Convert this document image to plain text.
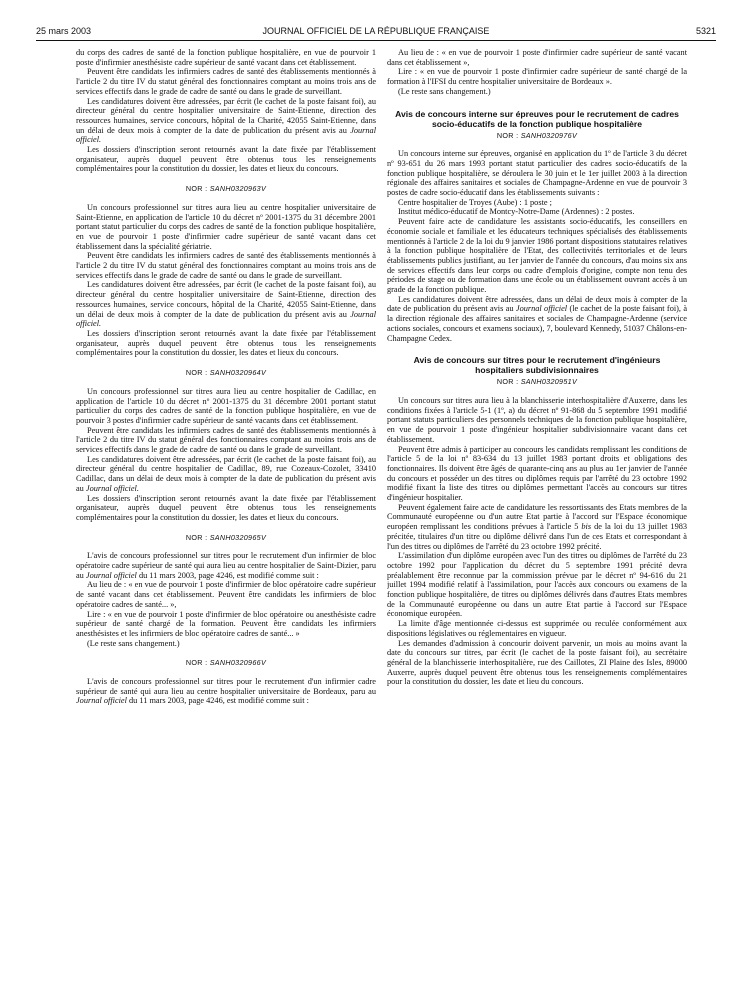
25 mars 2003	JOURNAL OFFICIEL DE LA RÉPUBLIQUE FRANÇAISE	5321

du corps des cadres de santé de la fonction publique hospitalière, en vue de pourvoir 1 poste d'infirmier anesthésiste cadre supérieur de santé vacant dans cet établissement.

Peuvent être candidats les infirmiers cadres de santé des établissements mentionnés à l'article 2 du titre IV du statut général des fonctionnaires comptant au moins trois ans de services effectifs dans le grade de cadre de santé ou dans le grade de surveillant.

Les candidatures doivent être adressées, par écrit (le cachet de la poste faisant foi), au directeur général du centre hospitalier universitaire de Saint-Etienne, direction des ressources humaines, service concours, hôpital de la Charité, 42055 Saint-Etienne, dans un délai de deux mois à compter de la date de publication du présent avis au Journal officiel.

Les dossiers d'inscription seront retournés avant la date fixée par l'établissement organisateur, auprès duquel peuvent être obtenus tous les renseignements complémentaires pour la constitution du dossier, les dates et lieux du concours.

NOR : SANH0320963V

Un concours professionnel sur titres aura lieu au centre hospitalier universitaire de Saint-Etienne, en application de l'article 10 du décret nº 2001-1375 du 31 décembre 2001 portant statut particulier du corps des cadres de santé de la fonction publique hospitalière, en vue de pourvoir 1 poste d'infirmier cadre supérieur de santé vacant dans cet établissement dans la spécialité gériatrie.

Peuvent être candidats les infirmiers cadres de santé des établissements mentionnés à l'article 2 du titre IV du statut général des fonctionnaires comptant au moins trois ans de services effectifs dans le grade de cadre de santé ou dans le grade de surveillant.

Les candidatures doivent être adressées, par écrit (le cachet de la poste faisant foi), au directeur général du centre hospitalier universitaire de Saint-Etienne, direction des ressources humaines, service concours, hôpital de la Charité, 42055 Saint-Etienne, dans un délai de deux mois à compter de la date de publication du présent avis au Journal officiel.

Les dossiers d'inscription seront retournés avant la date fixée par l'établissement organisateur, auprès duquel peuvent être obtenus tous les renseignements complémentaires pour la constitution du dossier, les dates et lieux du concours.

NOR : SANH0320964V

Un concours professionnel sur titres aura lieu au centre hospitalier de Cadillac, en application de l'article 10 du décret nº 2001-1375 du 31 décembre 2001 portant statut particulier du corps des cadres de santé de la fonction publique hospitalière, en vue de pourvoir 3 postes d'infirmier cadre supérieur de santé vacants dans cet établissement.

Peuvent être candidats les infirmiers cadres de santé des établissements mentionnés à l'article 2 du titre IV du statut général des fonctionnaires comptant au moins trois ans de services effectifs dans le grade de cadre de santé ou dans le grade de surveillant.

Les candidatures doivent être adressées, par écrit (le cachet de la poste faisant foi), au directeur général du centre hospitalier de Cadillac, 89, rue Cozeaux-Cozolet, 33410 Cadillac, dans un délai de deux mois à compter de la date de publication du présent avis au Journal officiel.

Les dossiers d'inscription seront retournés avant la date fixée par l'établissement organisateur, auprès duquel peuvent être obtenus tous les renseignements complémentaires pour la constitution du dossier, les dates et lieux du concours.

NOR : SANH0320965V

L'avis de concours professionnel sur titres pour le recrutement d'un infirmier de bloc opératoire cadre supérieur de santé qui aura lieu au centre hospitalier de Saint-Dizier, paru au Journal officiel du 11 mars 2003, page 4246, est modifié comme suit :

Au lieu de : « en vue de pourvoir 1 poste d'infirmier de bloc opératoire cadre supérieur de santé vacant dans cet établissement. Peuvent être candidats les infirmiers de bloc opératoire cadres de santé... »,

Lire : « en vue de pourvoir 1 poste d'infirmier de bloc opératoire ou anesthésiste cadre supérieur de santé chargé de la formation. Peuvent être candidats les infirmiers anesthésistes et les infirmiers de bloc opératoire cadres de santé... »

(Le reste sans changement.)

NOR : SANH0320966V

L'avis de concours professionnel sur titres pour le recrutement d'un infirmier cadre supérieur de santé qui aura lieu au centre hospitalier universitaire de Bordeaux, paru au Journal officiel du 11 mars 2003, page 4246, est modifié comme suit :

Au lieu de : « en vue de pourvoir 1 poste d'infirmier cadre supérieur de santé vacant dans cet établissement »,

Lire : « en vue de pourvoir 1 poste d'infirmier cadre supérieur de santé chargé de la formation à l'IFSI du centre hospitalier universitaire de Bordeaux ».

(Le reste sans changement.)

Avis de concours interne sur épreuves pour le recrutement de cadres socio-éducatifs de la fonction publique hospitalière
NOR : SANH0320976V

Un concours interne sur épreuves, organisé en application du 1º de l'article 3 du décret nº 93-651 du 26 mars 1993 portant statut particulier des cadres socio-éducatifs de la fonction publique hospitalière, se déroulera le 30 juin et le 1er juillet 2003 à la direction régionale des affaires sanitaires et sociales de Champagne-Ardenne en vue de pourvoir 3 postes de cadre socio-éducatif dans les établissements suivants :

Centre hospitalier de Troyes (Aube) : 1 poste ;

Institut médico-éducatif de Montcy-Notre-Dame (Ardennes) : 2 postes.

Peuvent faire acte de candidature les assistants socio-éducatifs, les conseillers en économie sociale et familiale et les éducateurs techniques spécialisés des établissements mentionnés à l'article 2 de la loi du 9 janvier 1986 portant dispositions statutaires relatives à la fonction publique hospitalière de l'Etat, des collectivités territoriales et de leurs établissements publics justifiant, au 1er janvier de l'année du concours, d'au moins six ans de services effectifs dans leur corps ou cadre d'emplois d'origine, compte non tenu des périodes de stage ou de formation dans une école ou un établissement ouvrant accès à un grade de la fonction publique.

Les candidatures doivent être adressées, dans un délai de deux mois à compter de la date de publication du présent avis au Journal officiel (le cachet de la poste faisant foi), à la direction régionale des affaires sanitaires et sociales de Champagne-Ardenne (service actions sociales, concours et examens sociaux), 7, boulevard Kennedy, 51037 Châlons-en-Champagne Cedex.

Avis de concours sur titres pour le recrutement d'ingénieurs hospitaliers subdivisionnaires
NOR : SANH0320951V

Un concours sur titres aura lieu à la blanchisserie interhospitalière d'Auxerre, dans les conditions fixées à l'article 5-1 (1º, a) du décret nº 91-868 du 5 septembre 1991 modifié portant statuts particuliers des personnels techniques de la fonction publique hospitalière, en vue de pourvoir 1 poste d'ingénieur hospitalier subdivisionnaire vacant dans cet établissement.

Peuvent être admis à participer au concours les candidats remplissant les conditions de l'article 5 de la loi nº 83-634 du 13 juillet 1983 portant droits et obligations des fonctionnaires. Ils doivent être âgés de quarante-cinq ans au plus au 1er janvier de l'année du concours et posséder un des titres ou diplômes requis par l'arrêté du 23 octobre 1992 modifié fixant la liste des titres ou diplômes permettant l'accès au concours sur titres d'ingénieur hospitalier.

Peuvent également faire acte de candidature les ressortissants des Etats membres de la Communauté européenne ou d'un autre Etat partie à l'accord sur l'Espace économique européen remplissant les conditions prévues à l'article 5 bis de la loi du 13 juillet 1983 précitée, titulaires d'un titre ou diplôme délivré dans l'un de ces Etats et correspondant à l'un des titres ou diplômes de l'arrêté du 23 octobre 1992 précité.

L'assimilation d'un diplôme européen avec l'un des titres ou diplômes de l'arrêté du 23 octobre 1992 pour l'application du décret du 5 septembre 1991 précité devra préalablement être reconnue par la commission prévue par le décret nº 94-616 du 21 juillet 1994 modifié relatif à l'assimilation, pour l'accès aux concours ou examens de la fonction publique hospitalière, de titres ou diplômes délivrés dans d'autres Etats membres de la Communauté européenne ou dans un autre Etat partie à l'accord sur l'Espace économique européen.

La limite d'âge mentionnée ci-dessus est supprimée ou reculée conformément aux dispositions législatives ou réglementaires en vigueur.

Les demandes d'admission à concourir doivent parvenir, un mois au moins avant la date du concours sur titres, par écrit (le cachet de la poste faisant foi), au secrétaire général de la blanchisserie interhospitalière, rue des Caillotes, ZI Plaine des Isles, 89000 Auxerre, auprès duquel peuvent être obtenus tous les renseignements complémentaires pour la constitution du dossier, les date et lieu du concours.
